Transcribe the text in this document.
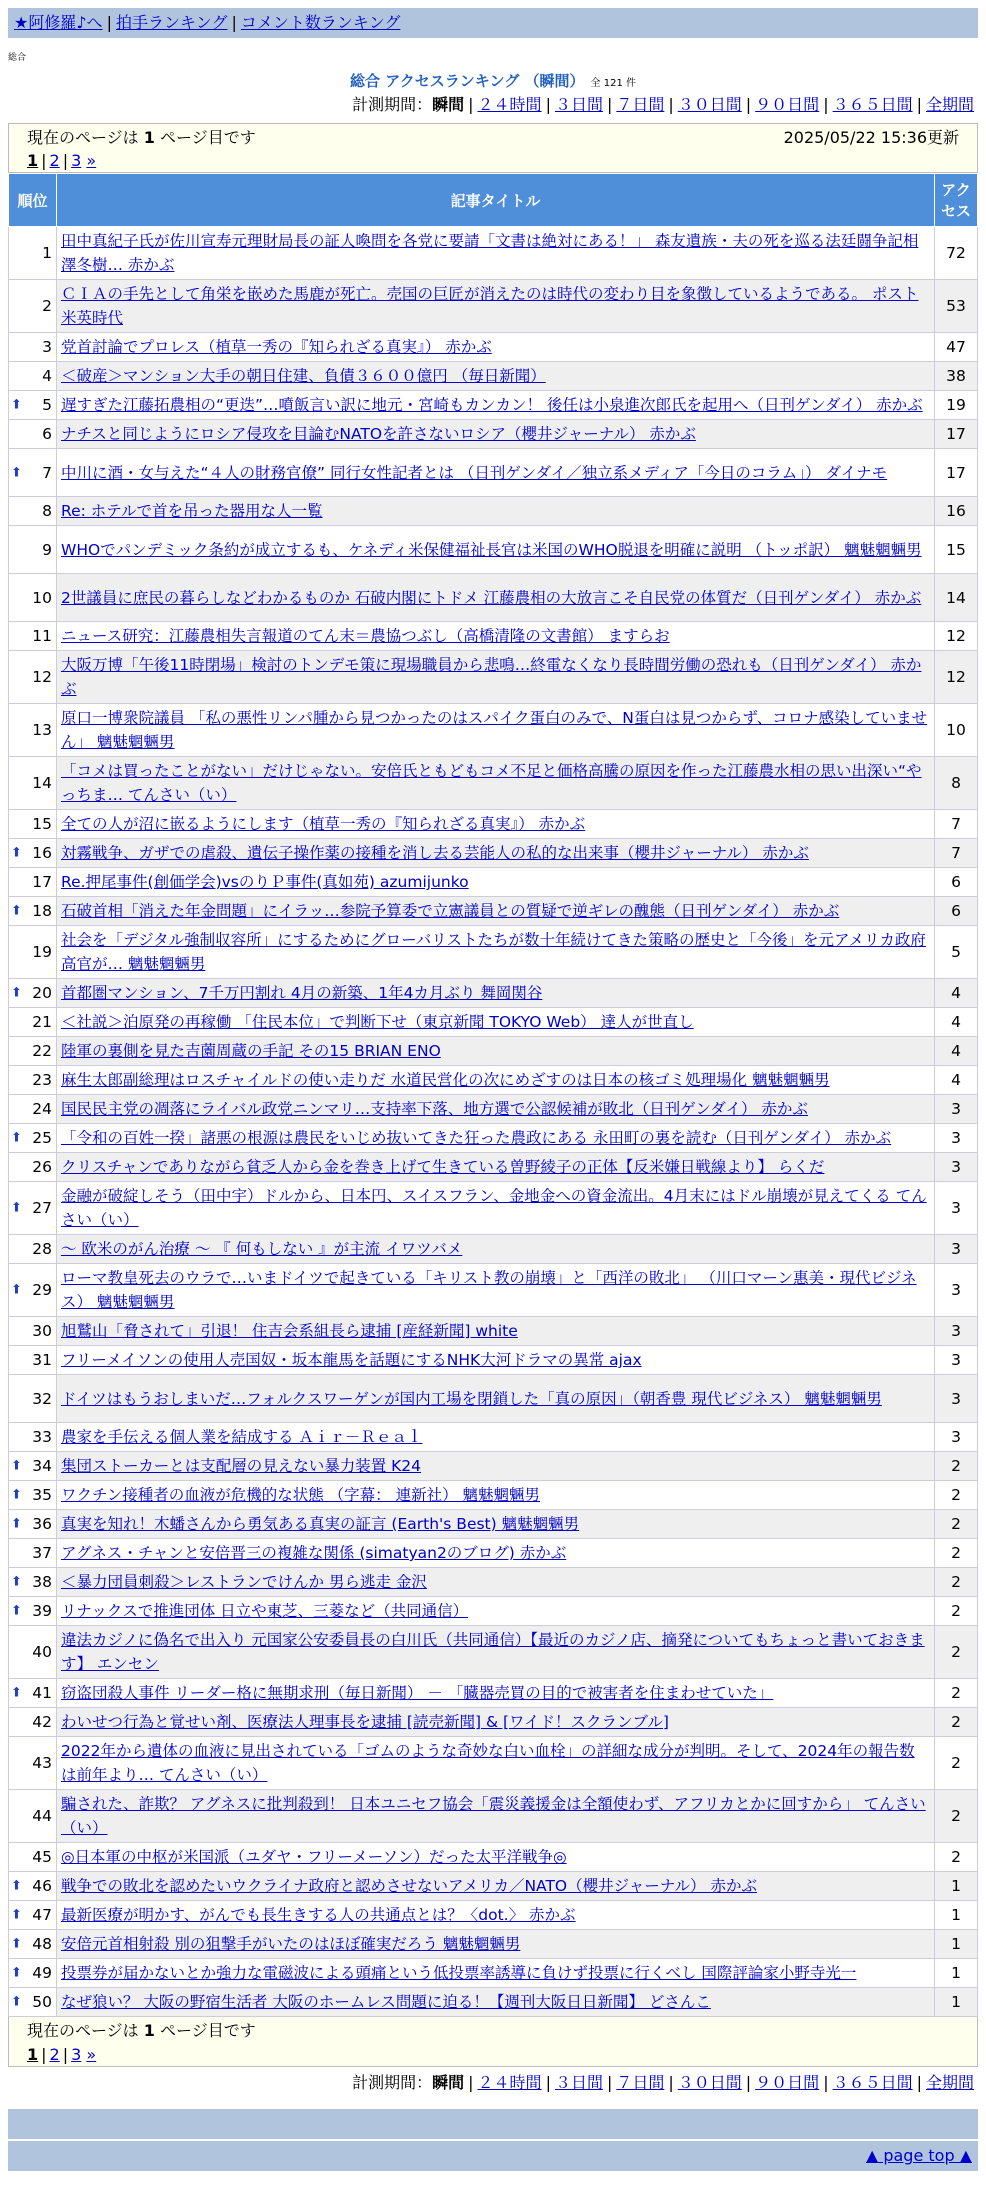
★阿修羅♪へ | 拍手ランキング | コメント数ランキング
総合
総合 アクセスランキング （瞬間） 全 121 件
計測期間：瞬間 | ２４時間 | ３日間 | ７日間 | ３０日間 | ９０日間 | ３６５日間 | 全期間
現在のページは 1 ページ目です	2025/05/22 15:36更新
1 | 2 | 3 »
順位	記事タイトル	アクセス
1	田中真紀子氏が佐川宣寿元理財局長の証人喚問を各党に要請「文書は絶対にある！」 森友遺族・夫の死を巡る法廷闘争記相澤冬樹… 赤かぶ	72
2	ＣＩＡの手先として角栄を嵌めた馬鹿が死亡。売国の巨匠が消えたのは時代の変わり目を象徴しているようである。 ポスト米英時代	53
3	党首討論でプロレス（植草一秀の『知られざる真実』） 赤かぶ	47
4	＜破産＞マンション大手の朝日住建、負債３６００億円 （毎日新聞）	38

⬆ 5	遅すぎた江藤拓農相の“更迭”…噴飯言い訳に地元・宮崎もカンカン！ 後任は小泉進次郎氏を起用へ（日刊ゲンダイ） 赤かぶ	19
6	ナチスと同じようにロシア侵攻を目論むNATOを許さないロシア（櫻井ジャーナル） 赤かぶ	17

⬆ 7	中川に酒・女与えた“４人の財務官僚” 同行女性記者とは （日刊ゲンダイ／独立系メディア「今日のコラム」） ダイナモ	17
8	Re: ホテルで首を吊った器用な人一覧	16
9	WHOでパンデミック条約が成立するも、ケネディ米保健福祉長官は米国のWHO脱退を明確に説明 （トッポ訳） 魑魅魍魎男	15
10	2世議員に庶民の暮らしなどわかるものか 石破内閣にトドメ 江藤農相の大放言こそ自民党の体質だ（日刊ゲンダイ） 赤かぶ	14
11	ニュース研究：江藤農相失言報道のてん末＝農協つぶし（高橋清隆の文書館） ますらお	12
12	大阪万博「午後11時閉場」検討のトンデモ策に現場職員から悲鳴…終電なくなり長時間労働の恐れも（日刊ゲンダイ） 赤かぶ	12
13	原口一博衆院議員 「私の悪性リンパ腫から見つかったのはスパイク蛋白のみで、N蛋白は見つからず、コロナ感染していません」 魑魅魍魎男	10
14	「コメは買ったことがない」だけじゃない。安倍氏ともどもコメ不足と価格高騰の原因を作った江藤農水相の思い出深い“やっちま… てんさい（い）	8
15	全ての人が沼に嵌るようにします（植草一秀の『知られざる真実』） 赤かぶ	7

⬆ 16	対霧戦争、ガザでの虐殺、遺伝子操作薬の接種を消し去る芸能人の私的な出来事（櫻井ジャーナル） 赤かぶ	7
17	Re.押尾事件(創価学会)vsのりＰ事件(真如苑) azumijunko	6

⬆ 18	石破首相「消えた年金問題」にイラッ…参院予算委で立憲議員との質疑で逆ギレの醜態（日刊ゲンダイ） 赤かぶ	6
19	社会を「デジタル強制収容所」にするためにグローバリストたちが数十年続けてきた策略の歴史と「今後」を元アメリカ政府高官が… 魑魅魍魎男	5

⬆ 20	首都圏マンション、7千万円割れ 4月の新築、1年4カ月ぶり 舞岡関谷	4
21	＜社説＞泊原発の再稼働 「住民本位」で判断下せ（東京新聞 TOKYO Web） 達人が世直し	4
22	陸軍の裏側を見た吉薗周蔵の手記 その15 BRIAN ENO	4
23	麻生太郎副総理はロスチャイルドの使い走りだ 水道民営化の次にめざすのは日本の核ゴミ処理場化 魑魅魍魎男	4
24	国民民主党の凋落にライバル政党ニンマリ…支持率下落、地方選で公認候補が敗北（日刊ゲンダイ） 赤かぶ	3

⬆ 25	「令和の百姓一揆」諸悪の根源は農民をいじめ抜いてきた狂った農政にある 永田町の裏を読む（日刊ゲンダイ） 赤かぶ	3
26	クリスチャンでありながら貧乏人から金を巻き上げて生きている曽野綾子の正体【反米嫌日戦線より】 らくだ	3

⬆ 27	金融が破綻しそう（田中宇）ドルから、日本円、スイスフラン、金地金への資金流出。4月末にはドル崩壊が見えてくる てんさい（い）	3
28	〜 欧米のがん治療 〜 『 何もしない 』が主流 イワツバメ	3

⬆ 29	ローマ教皇死去のウラで…いまドイツで起きている「キリスト教の崩壊」と「西洋の敗北」 （川口マーン惠美・現代ビジネス） 魑魅魍魎男	3
30	旭鷲山「脅されて」引退！ 住吉会系組長ら逮捕 [産経新聞] white	3
31	フリーメイソンの使用人売国奴・坂本龍馬を話題にするNHK大河ドラマの異常 ajax	3
32	ドイツはもうおしまいだ…フォルクスワーゲンが国内工場を閉鎖した「真の原因」（朝香豊 現代ビジネス） 魑魅魍魎男	3
33	農家を手伝える個人業を結成する Ａｉｒ－Ｒｅａｌ	3

⬆ 34	集団ストーカーとは支配層の見えない暴力装置 K24	2

⬆ 35	ワクチン接種者の血液が危機的な状態 （字幕： 連新社） 魑魅魍魎男	2

⬆ 36	真実を知れ！木蟠さんから勇気ある真実の証言 (Earth's Best) 魑魅魍魎男	2
37	アグネス・チャンと安倍晋三の複雑な関係 (simatyan2のブログ) 赤かぶ	2

⬆ 38	＜暴力団員刺殺＞レストランでけんか 男ら逃走 金沢	2

⬆ 39	リナックスで推進団体 日立や東芝、三菱など（共同通信）	2
40	違法カジノに偽名で出入り 元国家公安委員長の白川氏（共同通信）【最近のカジノ店、摘発についてもちょっと書いておきます】 エンセン	2

⬆ 41	窃盗団殺人事件 リーダー格に無期求刑（毎日新聞） － 「臓器売買の目的で被害者を住まわせていた」	2
42	わいせつ行為と覚せい剤、医療法人理事長を逮捕 [読売新聞] & [ワイド！スクランブル]	2
43	2022年から遺体の血液に見出されている「ゴムのような奇妙な白い血栓」の詳細な成分が判明。そして、2024年の報告数は前年より… てんさい（い）	2
44	騙された、詐欺？ アグネスに批判殺到！ 日本ユニセフ協会「震災義援金は全額使わず、アフリカとかに回すから」 てんさい（い）	2
45	◎日本軍の中枢が米国派（ユダヤ・フリーメーソン）だった太平洋戦争◎	2

⬆ 46	戦争での敗北を認めたいウクライナ政府と認めさせないアメリカ／NATO（櫻井ジャーナル） 赤かぶ	1

⬆ 47	最新医療が明かす、がんでも長生きする人の共通点とは？〈dot.〉 赤かぶ	1

⬆ 48	安倍元首相射殺 別の狙撃手がいたのはほぼ確実だろう 魑魅魍魎男	1

⬆ 49	投票券が届かないとか強力な電磁波による頭痛という低投票率誘導に負けず投票に行くべし 国際評論家小野寺光一	1

⬆ 50	なぜ狼い？ 大阪の野宿生活者 大阪のホームレス問題に迫る！【週刊大阪日日新聞】 どさんこ	1
現在のページは 1 ページ目です
1 | 2 | 3 »
計測期間：瞬間 | ２４時間 | ３日間 | ７日間 | ３０日間 | ９０日間 | ３６５日間 | 全期間
▲ page top ▲
